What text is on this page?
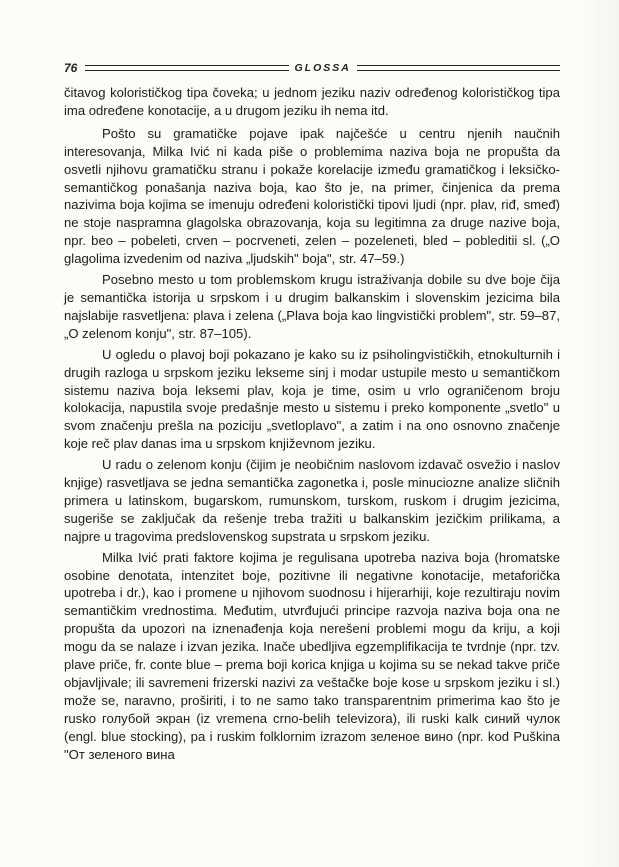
76	GLOSSA

čitavog kolorističkog tipa čoveka; u jednom jeziku naziv određenog kolorističkog tipa ima određene konotacije, a u drugom jeziku ih nema itd.

Pošto su gramatičke pojave ipak najčešće u centru njenih naučnih interesovanja, Milka Ivić ni kada piše o problemima naziva boja ne propušta da osvetli njihovu gramatičku stranu i pokaže korelacije između gramatičkog i leksičko-semantičkog ponašanja naziva boja, kao što je, na primer, činjenica da prema nazivima boja kojima se imenuju određeni koloristički tipovi ljudi (npr. plav, riđ, smeđ) ne stoje naspramna glagolska obrazovanja, koja su legitimna za druge nazive boja, npr. beo – pobeleti, crven – pocrveneti, zelen – pozeleneti, bled – pobleditii sl. („O glagolima izvedenim od naziva „ljudskih" boja", str. 47–59.)

Posebno mesto u tom problemskom krugu istraživanja dobile su dve boje čija je semantička istorija u srpskom i u drugim balkanskim i slovenskim jezicima bila najslabije rasvetljena: plava i zelena („Plava boja kao lingvistički problem", str. 59–87, „O zelenom konju", str. 87–105).

U ogledu o plavoj boji pokazano je kako su iz psiholingvističkih, etnokulturnih i drugih razloga u srpskom jeziku lekseme sinj i modar ustupile mesto u semantičkom sistemu naziva boja leksemi plav, koja je time, osim u vrlo ograničenom broju kolokacija, napustila svoje predašnje mesto u sistemu i preko komponente „svetlo" u svom značenju prešla na poziciju „svetloplavo", a zatim i na ono osnovno značenje koje reč plav danas ima u srpskom književnom jeziku.

U radu o zelenom konju (čijim je neobičnim naslovom izdavač osvežio i naslov knjige) rasvetljava se jedna semantička zagonetka i, posle minuciozne analize sličnih primera u latinskom, bugarskom, rumunskom, turskom, ruskom i drugim jezicima, sugeriše se zaključak da rešenje treba tražiti u balkanskim jezičkim prilikama, a najpre u tragovima predslovenskog supstrata u srpskom jeziku.

Milka Ivić prati faktore kojima je regulisana upotreba naziva boja (hromatske osobine denotata, intenzitet boje, pozitivne ili negativne konotacije, metaforička upotreba i dr.), kao i promene u njihovom suodnosu i hijerarhiji, koje rezultiraju novim semantičkim vrednostima. Međutim, utvrđujući principe razvoja naziva boja ona ne propušta da upozori na iznenađenja koja nerešeni problemi mogu da kriju, a koji mogu da se nalaze i izvan jezika. Inače ubedljiva egzemplifikacija te tvrdnje (npr. tzv. plave priče, fr. conte blue – prema boji korica knjiga u kojima su se nekad takve priče objavljivale; ili savremeni frizerski nazivi za veštačke boje kose u srpskom jeziku i sl.) može se, naravno, proširiti, i to ne samo tako transparentnim primerima kao što je rusko голубой экран (iz vremena crno-belih televizora), ili ruski kalk синий чулок (engl. blue stocking), pa i ruskim folklornim izrazom зеленое вино (npr. kod Puškina "От зеленого вина
